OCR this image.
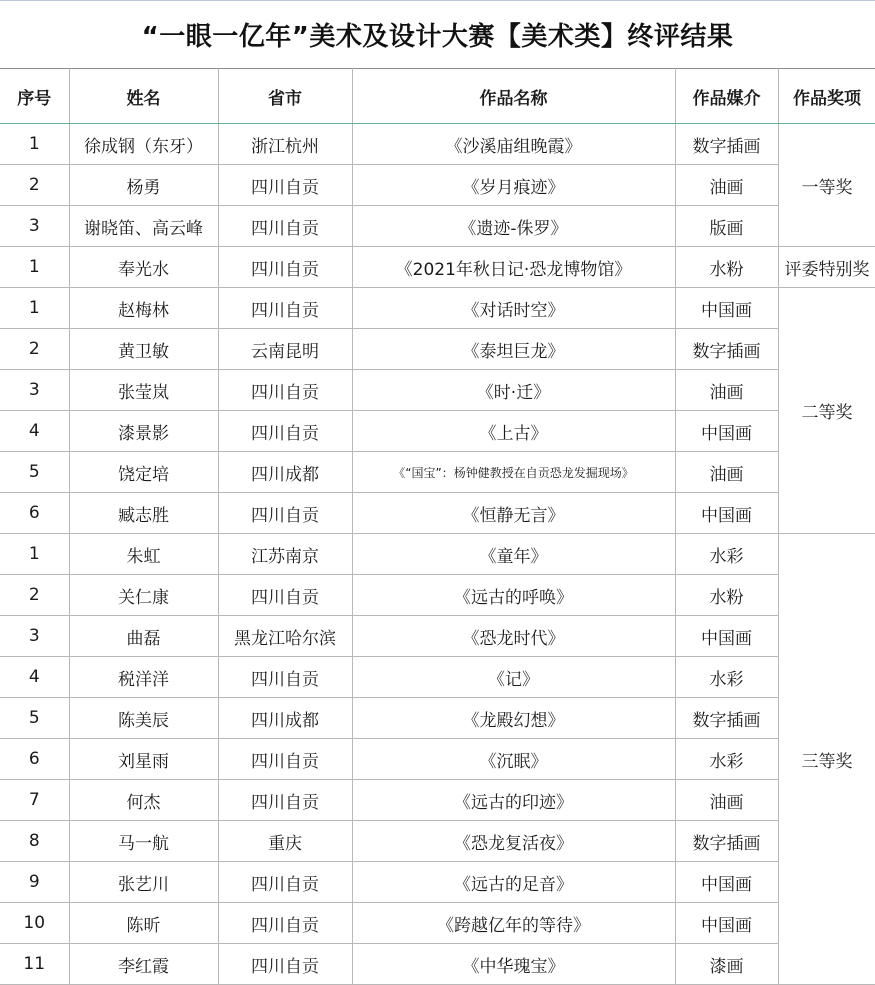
“一眼一亿年”美术及设计大赛【美术类】终评结果
序号	姓名	省市	作品名称	作品媒介	作品奖项
1	徐成钢（东牙）	浙江杭州	《沙溪庙组晚霞》	数字插画	一等奖
2	杨勇	四川自贡	《岁月痕迹》	油画	
3	谢晓笛、高云峰	四川自贡	《遗迹-侏罗》	版画	
1	奉光水	四川自贡	《2021年秋日记·恐龙博物馆》	水粉	评委特别奖
1	赵梅林	四川自贡	《对话时空》	中国画	二等奖
2	黄卫敏	云南昆明	《泰坦巨龙》	数字插画	
3	张莹岚	四川自贡	《时·迁》	油画	
4	漆景影	四川自贡	《上古》	中国画	
5	饶定培	四川成都	《“国宝”：杨钟健教授在自贡恐龙发掘现场》	油画	
6	臧志胜	四川自贡	《恒静无言》	中国画	
1	朱虹	江苏南京	《童年》	水彩	三等奖
2	关仁康	四川自贡	《远古的呼唤》	水粉	
3	曲磊	黑龙江哈尔滨	《恐龙时代》	中国画	
4	税洋洋	四川自贡	《记》	水彩	
5	陈美辰	四川成都	《龙殿幻想》	数字插画	
6	刘星雨	四川自贡	《沉眠》	水彩	
7	何杰	四川自贡	《远古的印迹》	油画	
8	马一航	重庆	《恐龙复活夜》	数字插画	
9	张艺川	四川自贡	《远古的足音》	中国画	
10	陈昕	四川自贡	《跨越亿年的等待》	中国画	
11	李红霞	四川自贡	《中华瑰宝》	漆画	
